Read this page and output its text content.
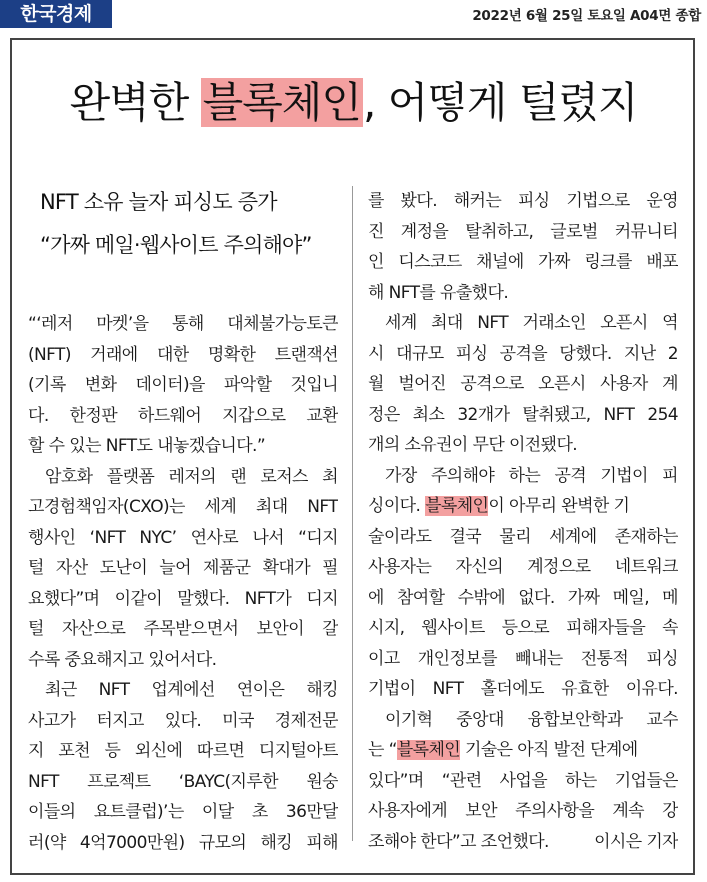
한국경제	2022년 6월 25일 토요일 A04면 종합
완벽한 블록체인, 어떻게 털렸지
NFT 소유 늘자 피싱도 증가
“가짜 메일·웹사이트 주의해야”
“‘레저 마켓’을 통해 대체불가능토큰
(NFT) 거래에 대한 명확한 트랜잭션
(기록 변화 데이터)을 파악할 것입니
다. 한정판 하드웨어 지갑으로 교환
할 수 있는 NFT도 내놓겠습니다.”
암호화 플랫폼 레저의 랜 로저스 최
고경험책임자(CXO)는 세계 최대 NFT
행사인 ‘NFT NYC’ 연사로 나서 “디지
털 자산 도난이 늘어 제품군 확대가 필
요했다”며 이같이 말했다. NFT가 디지
털 자산으로 주목받으면서 보안이 갈
수록 중요해지고 있어서다.
최근 NFT 업계에선 연이은 해킹
사고가 터지고 있다. 미국 경제전문
지 포천 등 외신에 따르면 디지털아트
NFT 프로젝트 ‘BAYC(지루한 원숭
이들의 요트클럽)’는 이달 초 36만달
러(약 4억7000만원) 규모의 해킹 피해
를 봤다. 해커는 피싱 기법으로 운영
진 계정을 탈취하고, 글로벌 커뮤니티
인 디스코드 채널에 가짜 링크를 배포
해 NFT를 유출했다.
세계 최대 NFT 거래소인 오픈시 역
시 대규모 피싱 공격을 당했다. 지난 2
월 벌어진 공격으로 오픈시 사용자 계
정은 최소 32개가 탈취됐고, NFT 254
개의 소유권이 무단 이전됐다.
가장 주의해야 하는 공격 기법이 피
싱이다. 블록체인이 아무리 완벽한 기
술이라도 결국 물리 세계에 존재하는
사용자는 자신의 계정으로 네트워크
에 참여할 수밖에 없다. 가짜 메일, 메
시지, 웹사이트 등으로 피해자들을 속
이고 개인정보를 빼내는 전통적 피싱
기법이 NFT 홀더에도 유효한 이유다.
이기혁 중앙대 융합보안학과 교수
는 “블록체인 기술은 아직 발전 단계에
있다”며 “관련 사업을 하는 기업들은
사용자에게 보안 주의사항을 계속 강
조해야 한다”고 조언했다.	이시은 기자
